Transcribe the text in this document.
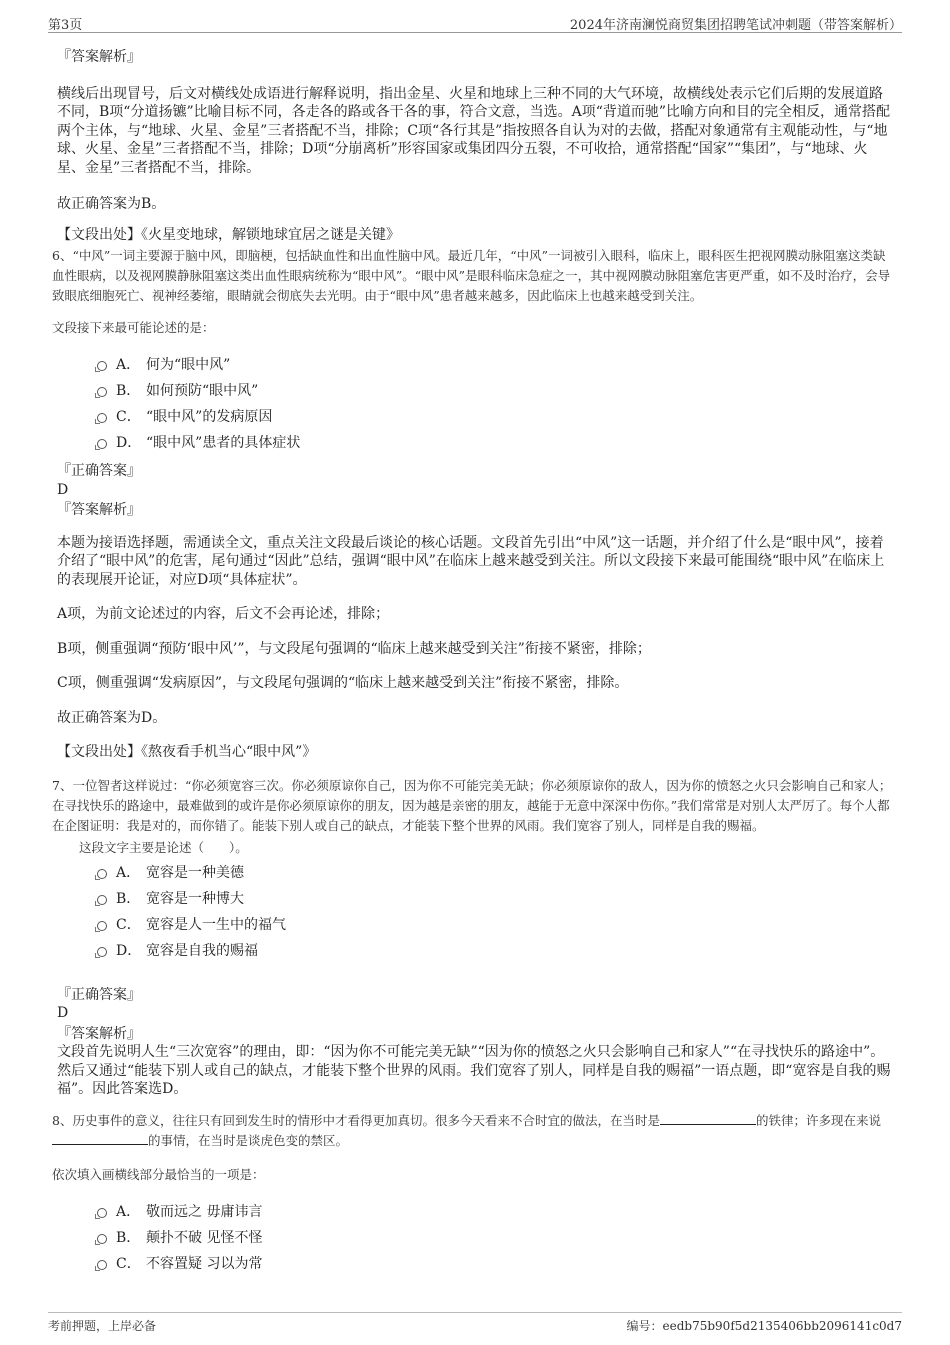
第3页	2024年济南澜悦商贸集团招聘笔试冲刺题（带答案解析）

『答案解析』

横线后出现冒号，后文对横线处成语进行解释说明，指出金星、火星和地球上三种不同的大气环境，故横线处表示它们后期的发展道路不同，B项“分道扬镳”比喻目标不同，各走各的路或各干各的事，符合文意，当选。A项“背道而驰”比喻方向和目的完全相反，通常搭配两个主体，与“地球、火星、金星”三者搭配不当，排除；C项“各行其是”指按照各自认为对的去做，搭配对象通常有主观能动性，与“地球、火星、金星”三者搭配不当，排除；D项“分崩离析”形容国家或集团四分五裂，不可收拾，通常搭配“国家”“集团”，与“地球、火星、金星”三者搭配不当，排除。

故正确答案为B。

【文段出处】《火星变地球，解锁地球宜居之谜是关键》

6、“中风”一词主要源于脑中风，即脑梗，包括缺血性和出血性脑中风。最近几年，“中风”一词被引入眼科，临床上，眼科医生把视网膜动脉阻塞这类缺血性眼病，以及视网膜静脉阻塞这类出血性眼病统称为“眼中风”。“眼中风”是眼科临床急症之一，其中视网膜动脉阻塞危害更严重，如不及时治疗，会导致眼底细胞死亡、视神经萎缩，眼睛就会彻底失去光明。由于“眼中风”患者越来越多，因此临床上也越来越受到关注。

文段接下来最可能论述的是：

A． 何为“眼中风”
B． 如何预防“眼中风”
C． “眼中风”的发病原因
D． “眼中风”患者的具体症状

『正确答案』

D

『答案解析』

本题为接语选择题，需通读全文，重点关注文段最后谈论的核心话题。文段首先引出“中风”这一话题，并介绍了什么是“眼中风”，接着介绍了“眼中风”的危害，尾句通过“因此”总结，强调“眼中风”在临床上越来越受到关注。所以文段接下来最可能围绕“眼中风”在临床上的表现展开论证，对应D项“具体症状”。

A项，为前文论述过的内容，后文不会再论述，排除；

B项，侧重强调“预防‘眼中风’”，与文段尾句强调的“临床上越来越受到关注”衔接不紧密，排除；

C项，侧重强调“发病原因”，与文段尾句强调的“临床上越来越受到关注”衔接不紧密，排除。

故正确答案为D。

【文段出处】《熬夜看手机当心“眼中风”》

7、一位智者这样说过：“你必须宽容三次。你必须原谅你自己，因为你不可能完美无缺；你必须原谅你的敌人，因为你的愤怒之火只会影响自己和家人；在寻找快乐的路途中，最难做到的或许是你必须原谅你的朋友，因为越是亲密的朋友，越能于无意中深深中伤你。”我们常常是对别人太严厉了。每个人都在企图证明：我是对的，而你错了。能装下别人或自己的缺点，才能装下整个世界的风雨。我们宽容了别人，同样是自我的赐福。

这段文字主要是论述（　　）。

A． 宽容是一种美德
B． 宽容是一种博大
C． 宽容是人一生中的福气
D． 宽容是自我的赐福

『正确答案』

D

『答案解析』

文段首先说明人生“三次宽容”的理由，即：“因为你不可能完美无缺”“因为你的愤怒之火只会影响自己和家人”“在寻找快乐的路途中”。然后又通过“能装下别人或自己的缺点，才能装下整个世界的风雨。我们宽容了别人，同样是自我的赐福”一语点题，即“宽容是自我的赐福”。因此答案选D。

8、历史事件的意义，往往只有回到发生时的情形中才看得更加真切。很多今天看来不合时宜的做法，在当时是	的铁律；许多现在来说的事情，在当时是谈虎色变的禁区。

依次填入画横线部分最恰当的一项是：

A． 敬而远之 毋庸讳言
B． 颠扑不破 见怪不怪
C． 不容置疑 习以为常
考前押题，上岸必备	编号：eedb75b90f5d2135406bb2096141c0d7
